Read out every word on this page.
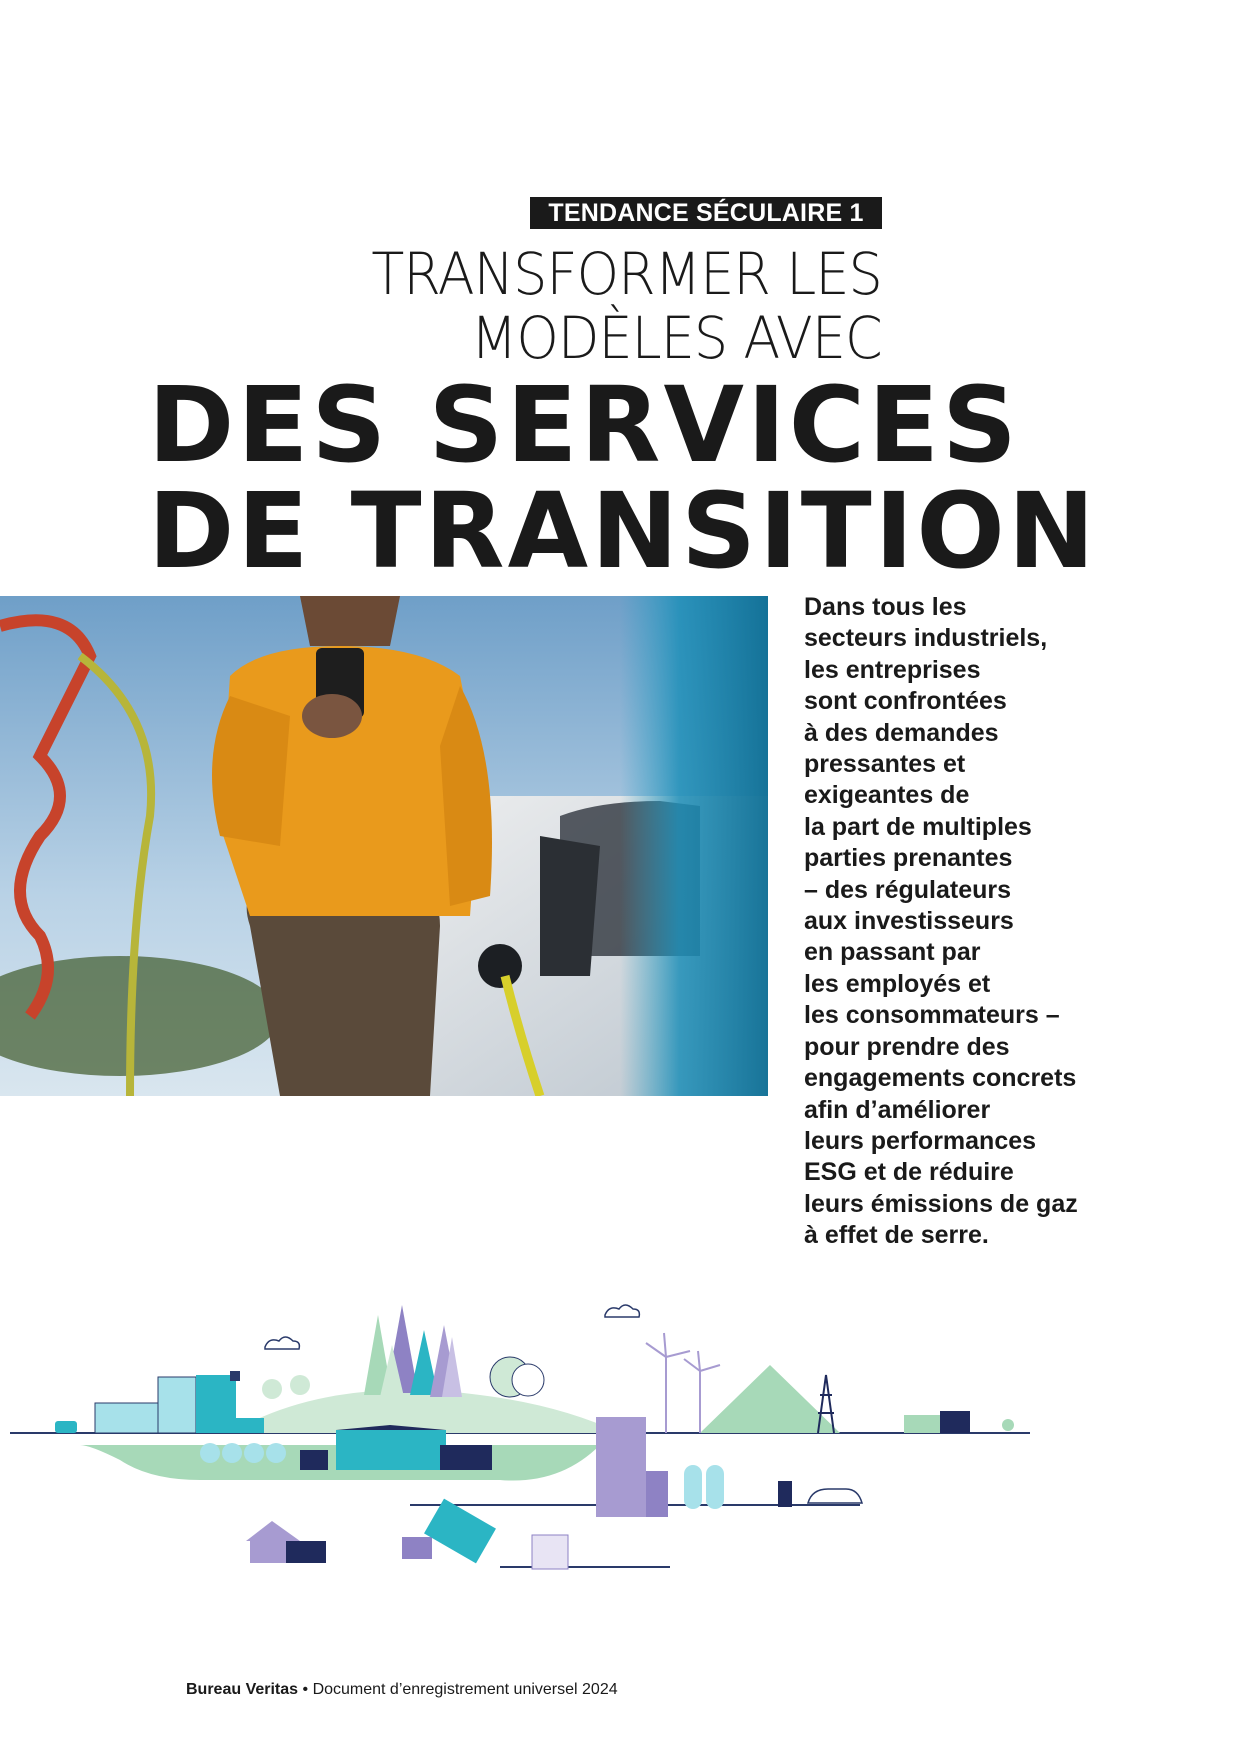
TENDANCE SÉCULAIRE 1
TRANSFORMER LES
MODÈLES AVEC
DES SERVICES
DE TRANSITION
Dans tous les
secteurs industriels,
les entreprises
sont confrontées
à des demandes
pressantes et
exigeantes de
la part de multiples
parties prenantes
– des régulateurs
aux investisseurs
en passant par
les employés et
les consommateurs –
pour prendre des
engagements concrets
afin d’améliorer
leurs performances
ESG et de réduire
leurs émissions de gaz
à effet de serre.
Bureau Veritas • Document d’enregistrement universel 2024
